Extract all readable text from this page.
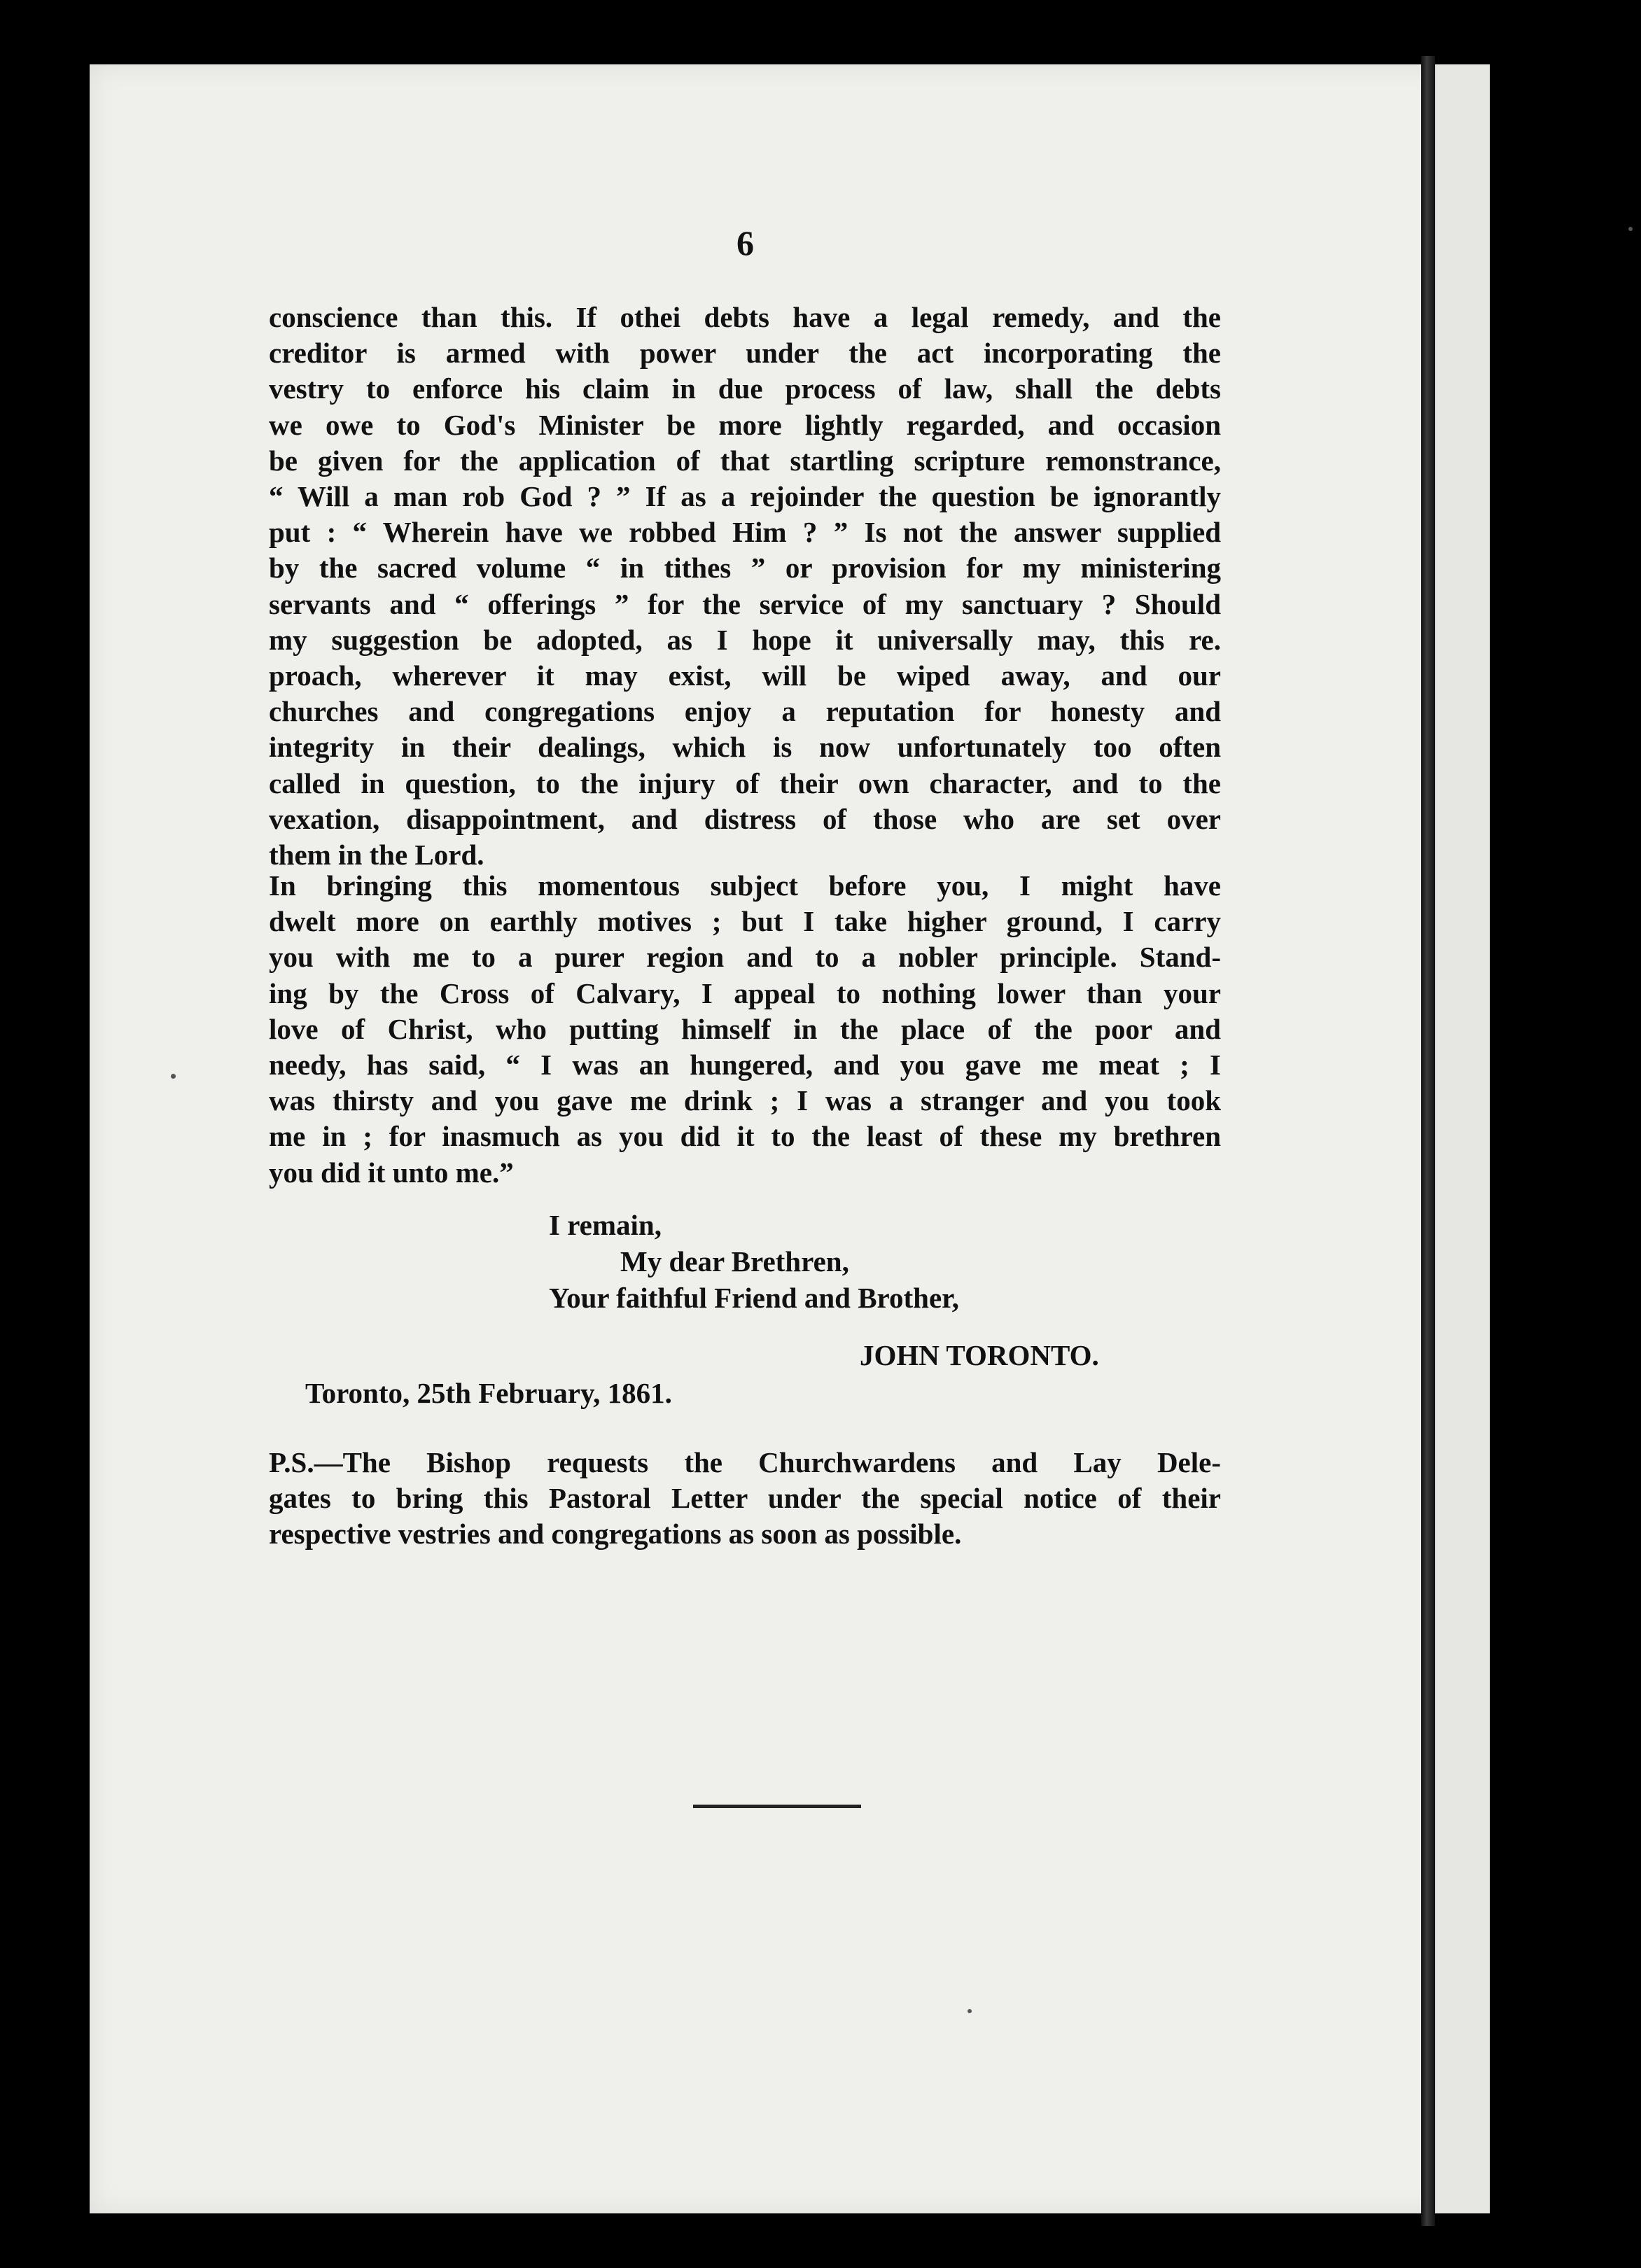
6
conscience than this. If othei debts have a legal remedy, and the
creditor is armed with power under the act incorporating the
vestry to enforce his claim in due process of law, shall the debts
we owe to God's Minister be more lightly regarded, and occasion
be given for the application of that startling scripture remonstrance,
“ Will a man rob God ? ” If as a rejoinder the question be ignorantly
put : “ Wherein have we robbed Him ? ” Is not the answer supplied
by the sacred volume “ in tithes ” or provision for my ministering
servants and “ offerings ” for the service of my sanctuary ? Should
my suggestion be adopted, as I hope it universally may, this re.
proach, wherever it may exist, will be wiped away, and our
churches and congregations enjoy a reputation for honesty and
integrity in their dealings, which is now unfortunately too often
called in question, to the injury of their own character, and to the
vexation, disappointment, and distress of those who are set over
them in the Lord.
In bringing this momentous subject before you, I might have
dwelt more on earthly motives ; but I take higher ground, I carry
you with me to a purer region and to a nobler principle. Stand-
ing by the Cross of Calvary, I appeal to nothing lower than your
love of Christ, who putting himself in the place of the poor and
needy, has said, “ I was an hungered, and you gave me meat ; I
was thirsty and you gave me drink ; I was a stranger and you took
me in ; for inasmuch as you did it to the least of these my brethren
you did it unto me.”
I remain,
My dear Brethren,
Your faithful Friend and Brother,
JOHN TORONTO.
Toronto, 25th February, 1861.
P.S.—The Bishop requests the Churchwardens and Lay Dele-
gates to bring this Pastoral Letter under the special notice of their
respective vestries and congregations as soon as possible.
